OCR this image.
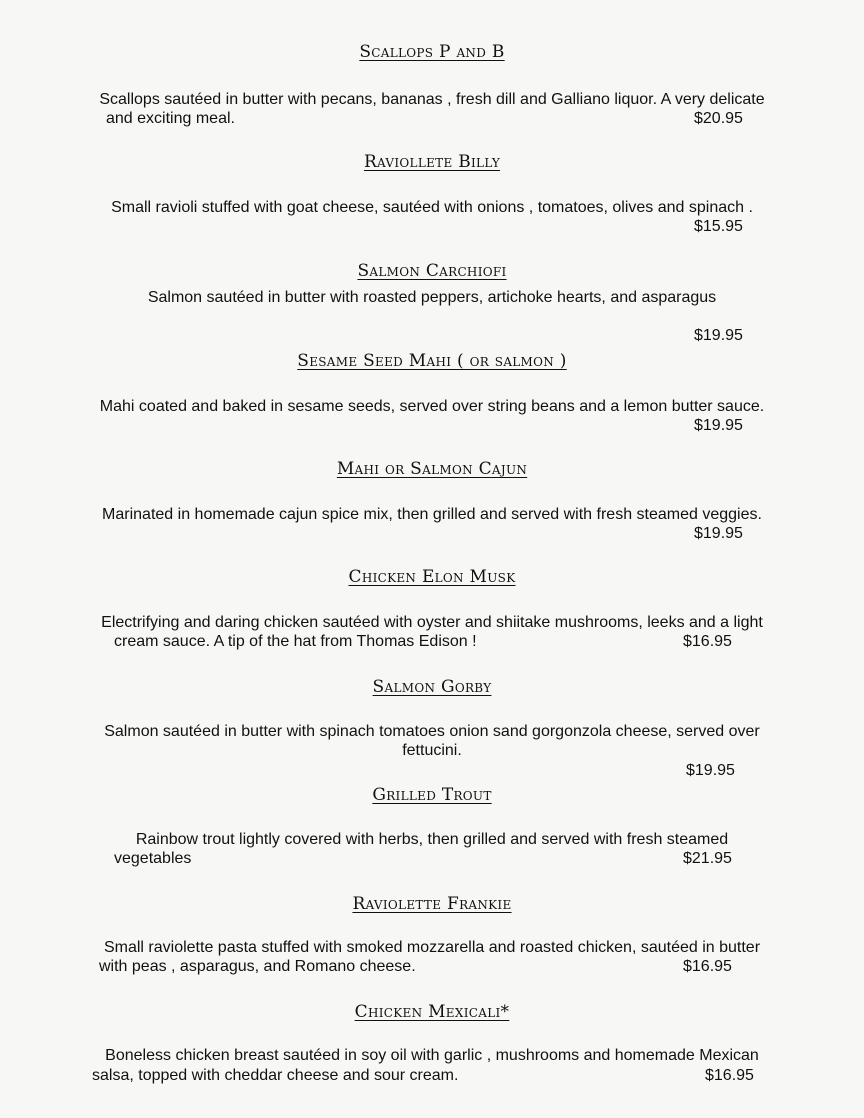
Scallops P and B
Scallops sautéed in butter with pecans, bananas , fresh dill and Galliano liquor. A very delicate
and exciting meal.	$20.95
Raviollete Billy
Small ravioli stuffed with goat cheese, sautéed with onions , tomatoes, olives and spinach .
$15.95
Salmon Carchiofi
Salmon sautéed in butter with roasted peppers, artichoke hearts, and asparagus
$19.95
Sesame Seed Mahi ( or salmon )
Mahi coated and baked in sesame seeds, served over string beans and a lemon butter sauce.
$19.95
Mahi or Salmon Cajun
Marinated in homemade cajun spice mix, then grilled and served with fresh steamed veggies.
$19.95
Chicken Elon Musk
Electrifying and daring chicken sautéed with oyster and shiitake mushrooms, leeks and a light
cream sauce. A tip of the hat from Thomas Edison !	$16.95
Salmon Gorby
Salmon sautéed in butter with spinach tomatoes onion sand gorgonzola cheese, served over
fettucini.
$19.95
Grilled Trout
Rainbow trout lightly covered with herbs, then grilled and served with fresh steamed
vegetables	$21.95
Raviolette Frankie
Small raviolette pasta stuffed with smoked mozzarella and roasted chicken, sautéed in butter
with peas , asparagus, and Romano cheese.	$16.95
Chicken Mexicali*
Boneless chicken breast sautéed in soy oil with garlic , mushrooms and homemade Mexican
salsa, topped with cheddar cheese and sour cream.	$16.95
